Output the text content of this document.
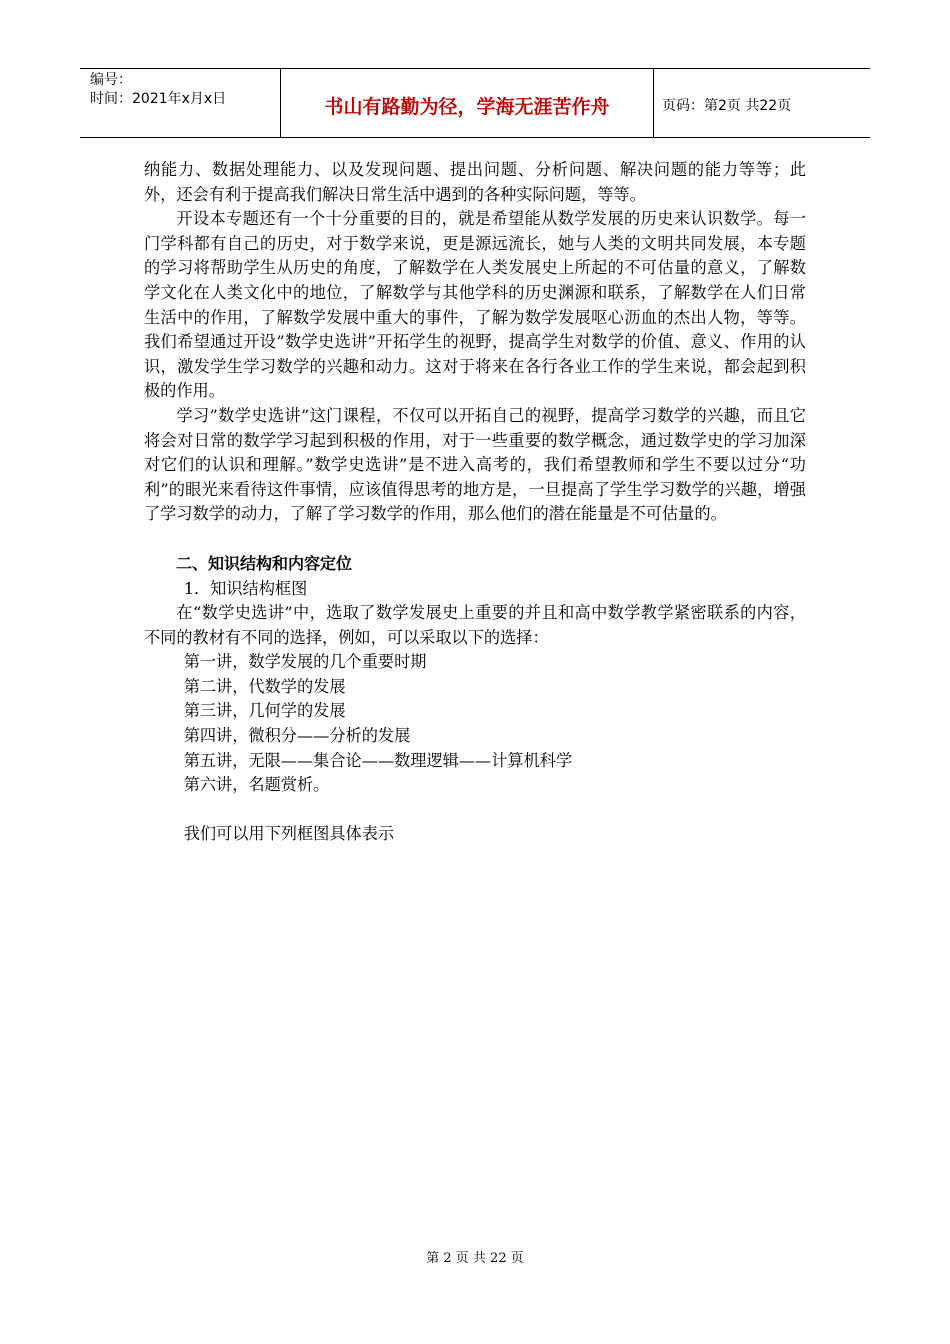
编号：
时间：2021年x月x日	书山有路勤为径，学海无涯苦作舟	页码：第2页 共22页

纳能力、数据处理能力、以及发现问题、提出问题、分析问题、解决问题的能力等等；此外，还会有利于提高我们解决日常生活中遇到的各种实际问题，等等。

开设本专题还有一个十分重要的目的，就是希望能从数学发展的历史来认识数学。每一门学科都有自己的历史，对于数学来说，更是源远流长，她与人类的文明共同发展，本专题的学习将帮助学生从历史的角度，了解数学在人类发展史上所起的不可估量的意义，了解数学文化在人类文化中的地位，了解数学与其他学科的历史渊源和联系，了解数学在人们日常生活中的作用，了解数学发展中重大的事件，了解为数学发展呕心沥血的杰出人物，等等。我们希望通过开设”数学史选讲”开拓学生的视野，提高学生对数学的价值、意义、作用的认识，激发学生学习数学的兴趣和动力。这对于将来在各行各业工作的学生来说，都会起到积极的作用。

学习”数学史选讲”这门课程，不仅可以开拓自己的视野，提高学习数学的兴趣，而且它将会对日常的数学学习起到积极的作用，对于一些重要的数学概念，通过数学史的学习加深对它们的认识和理解。”数学史选讲”是不进入高考的，我们希望教师和学生不要以过分“功利”的眼光来看待这件事情，应该值得思考的地方是，一旦提高了学生学习数学的兴趣，增强了学习数学的动力，了解了学习数学的作用，那么他们的潜在能量是不可估量的。

二、知识结构和内容定位

1．知识结构框图

在“数学史选讲”中，选取了数学发展史上重要的并且和高中数学教学紧密联系的内容，不同的教材有不同的选择，例如，可以采取以下的选择：

第一讲，数学发展的几个重要时期

第二讲，代数学的发展

第三讲，几何学的发展

第四讲，微积分——分析的发展

第五讲，无限——集合论——数理逻辑——计算机科学

第六讲，名题赏析。

我们可以用下列框图具体表示

第 2 页 共 22 页
